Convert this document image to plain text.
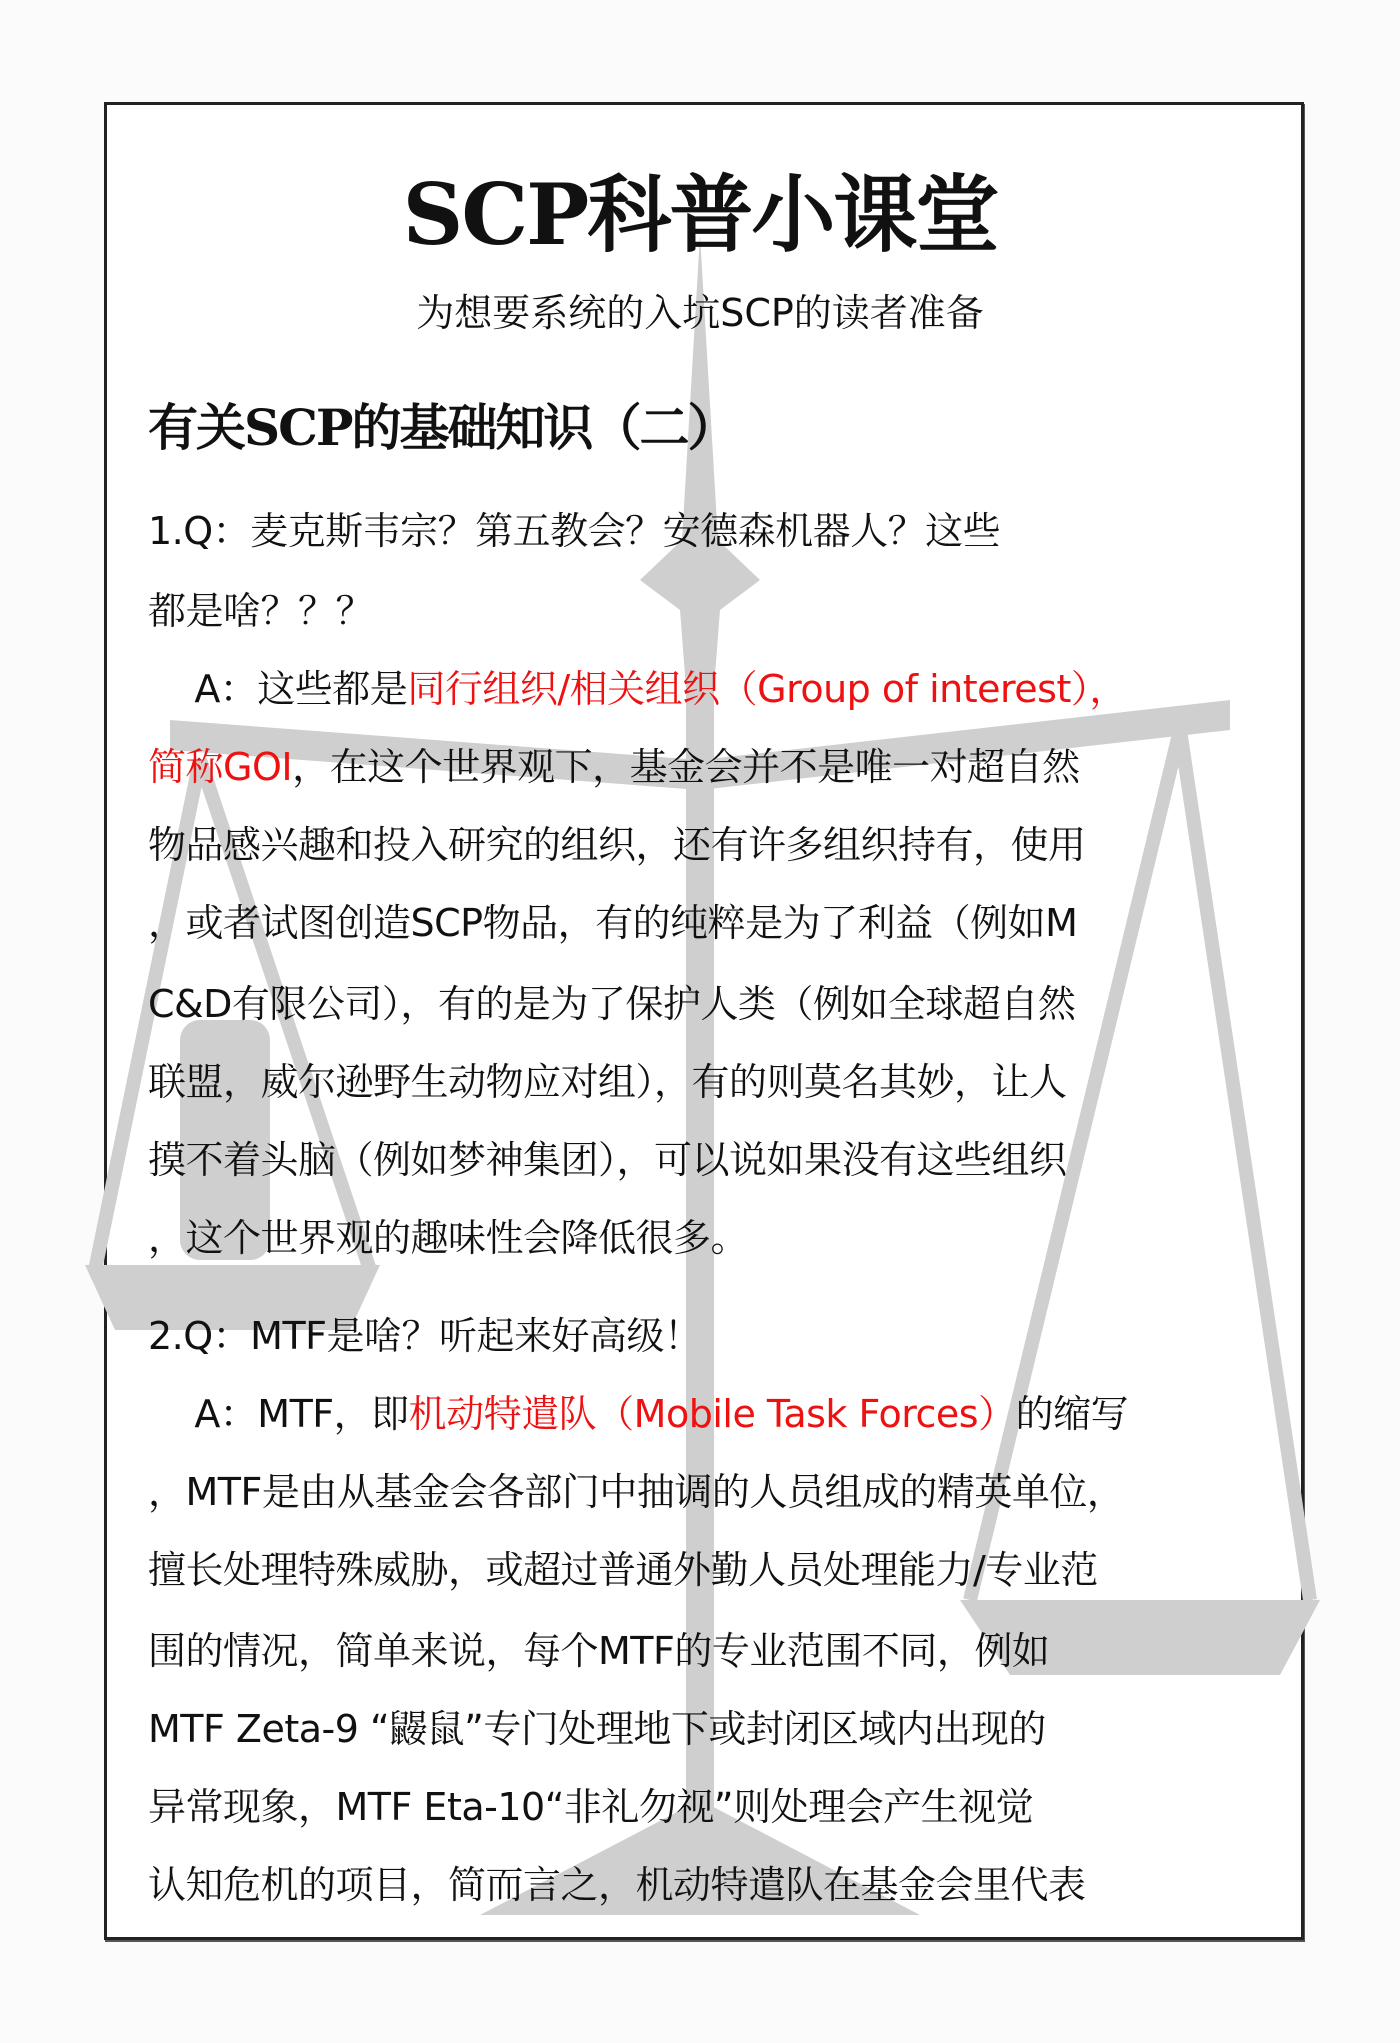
SCP科普小课堂
为想要系统的入坑SCP的读者准备
有关SCP的基础知识（二）
1.Q：麦克斯韦宗？第五教会？安德森机器人？这些
都是啥？？？
A：这些都是同行组织/相关组织（Group of interest），
简称GOI，在这个世界观下，基金会并不是唯一对超自然
物品感兴趣和投入研究的组织，还有许多组织持有，使用
，或者试图创造SCP物品，有的纯粹是为了利益（例如M
C&D有限公司），有的是为了保护人类（例如全球超自然
联盟，威尔逊野生动物应对组），有的则莫名其妙，让人
摸不着头脑（例如梦神集团），可以说如果没有这些组织
，这个世界观的趣味性会降低很多。
2.Q：MTF是啥？听起来好高级！
A：MTF，即机动特遣队（Mobile Task Forces）的缩写
，MTF是由从基金会各部门中抽调的人员组成的精英单位，
擅长处理特殊威胁，或超过普通外勤人员处理能力/专业范
围的情况，简单来说，每个MTF的专业范围不同，例如
MTF Zeta-9 “鼹鼠”专门处理地下或封闭区域内出现的
异常现象，MTF Eta-10“非礼勿视”则处理会产生视觉
认知危机的项目，简而言之，机动特遣队在基金会里代表
